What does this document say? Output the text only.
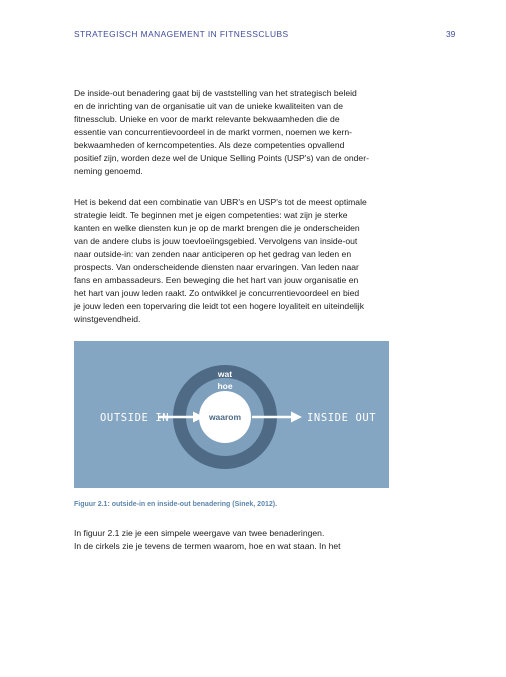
STRATEGISCH MANAGEMENT IN FITNESSCLUBS	39

De inside-out benadering gaat bij de vaststelling van het strategisch beleid
en de inrichting van de organisatie uit van de unieke kwaliteiten van de
fitnessclub. Unieke en voor de markt relevante bekwaamheden die de
essentie van concurrentievoordeel in de markt vormen, noemen we kern-
bekwaamheden of kerncompetenties. Als deze competenties opvallend
positief zijn, worden deze wel de Unique Selling Points (USP's) van de onder-
neming genoemd.

Het is bekend dat een combinatie van UBR's en USP's tot de meest optimale
strategie leidt. Te beginnen met je eigen competenties: wat zijn je sterke
kanten en welke diensten kun je op de markt brengen die je onderscheiden
van de andere clubs is jouw toevloeïingsgebied. Vervolgens van inside-out
naar outside-in: van zenden naar anticiperen op het gedrag van leden en
prospects. Van onderscheidende diensten naar ervaringen. Van leden naar
fans en ambassadeurs. Een beweging die het hart van jouw organisatie en
het hart van jouw leden raakt. Zo ontwikkel je concurrentievoordeel en bied
je jouw leden een topervaring die leidt tot een hogere loyaliteit en uiteindelijk
winstgevendheid.

wat
hoe
waarom
OUTSIDE IN	INSIDE OUT
Figuur 2.1: outside-in en inside-out benadering (Sinek, 2012).

In figuur 2.1 zie je een simpele weergave van twee benaderingen.
In de cirkels zie je tevens de termen waarom, hoe en wat staan. In het
